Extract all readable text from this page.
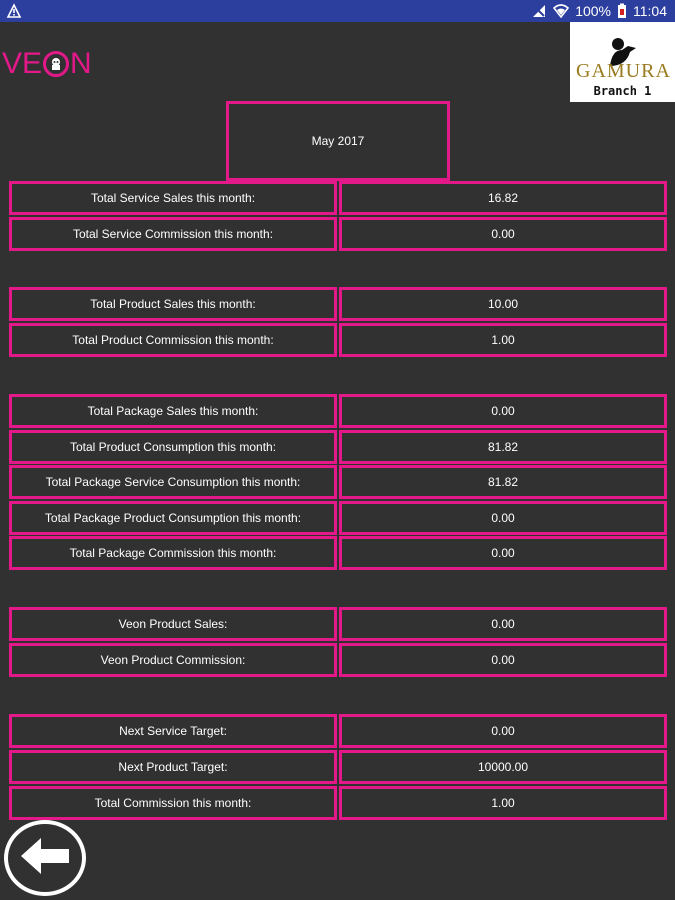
100% 11:04
VE N	GAMURA
Branch 1
May 2017
Total Service Sales this month:	16.82
Total Service Commission this month:	0.00
Total Product Sales this month:	10.00
Total Product Commission this month:	1.00
Total Package Sales this month:	0.00
Total Product Consumption this month:	81.82
Total Package Service Consumption this month:	81.82
Total Package Product Consumption this month:	0.00
Total Package Commission this month:	0.00
Veon Product Sales:	0.00
Veon Product Commission:	0.00
Next Service Target:	0.00
Next Product Target:	10000.00
Total Commission this month:	1.00
